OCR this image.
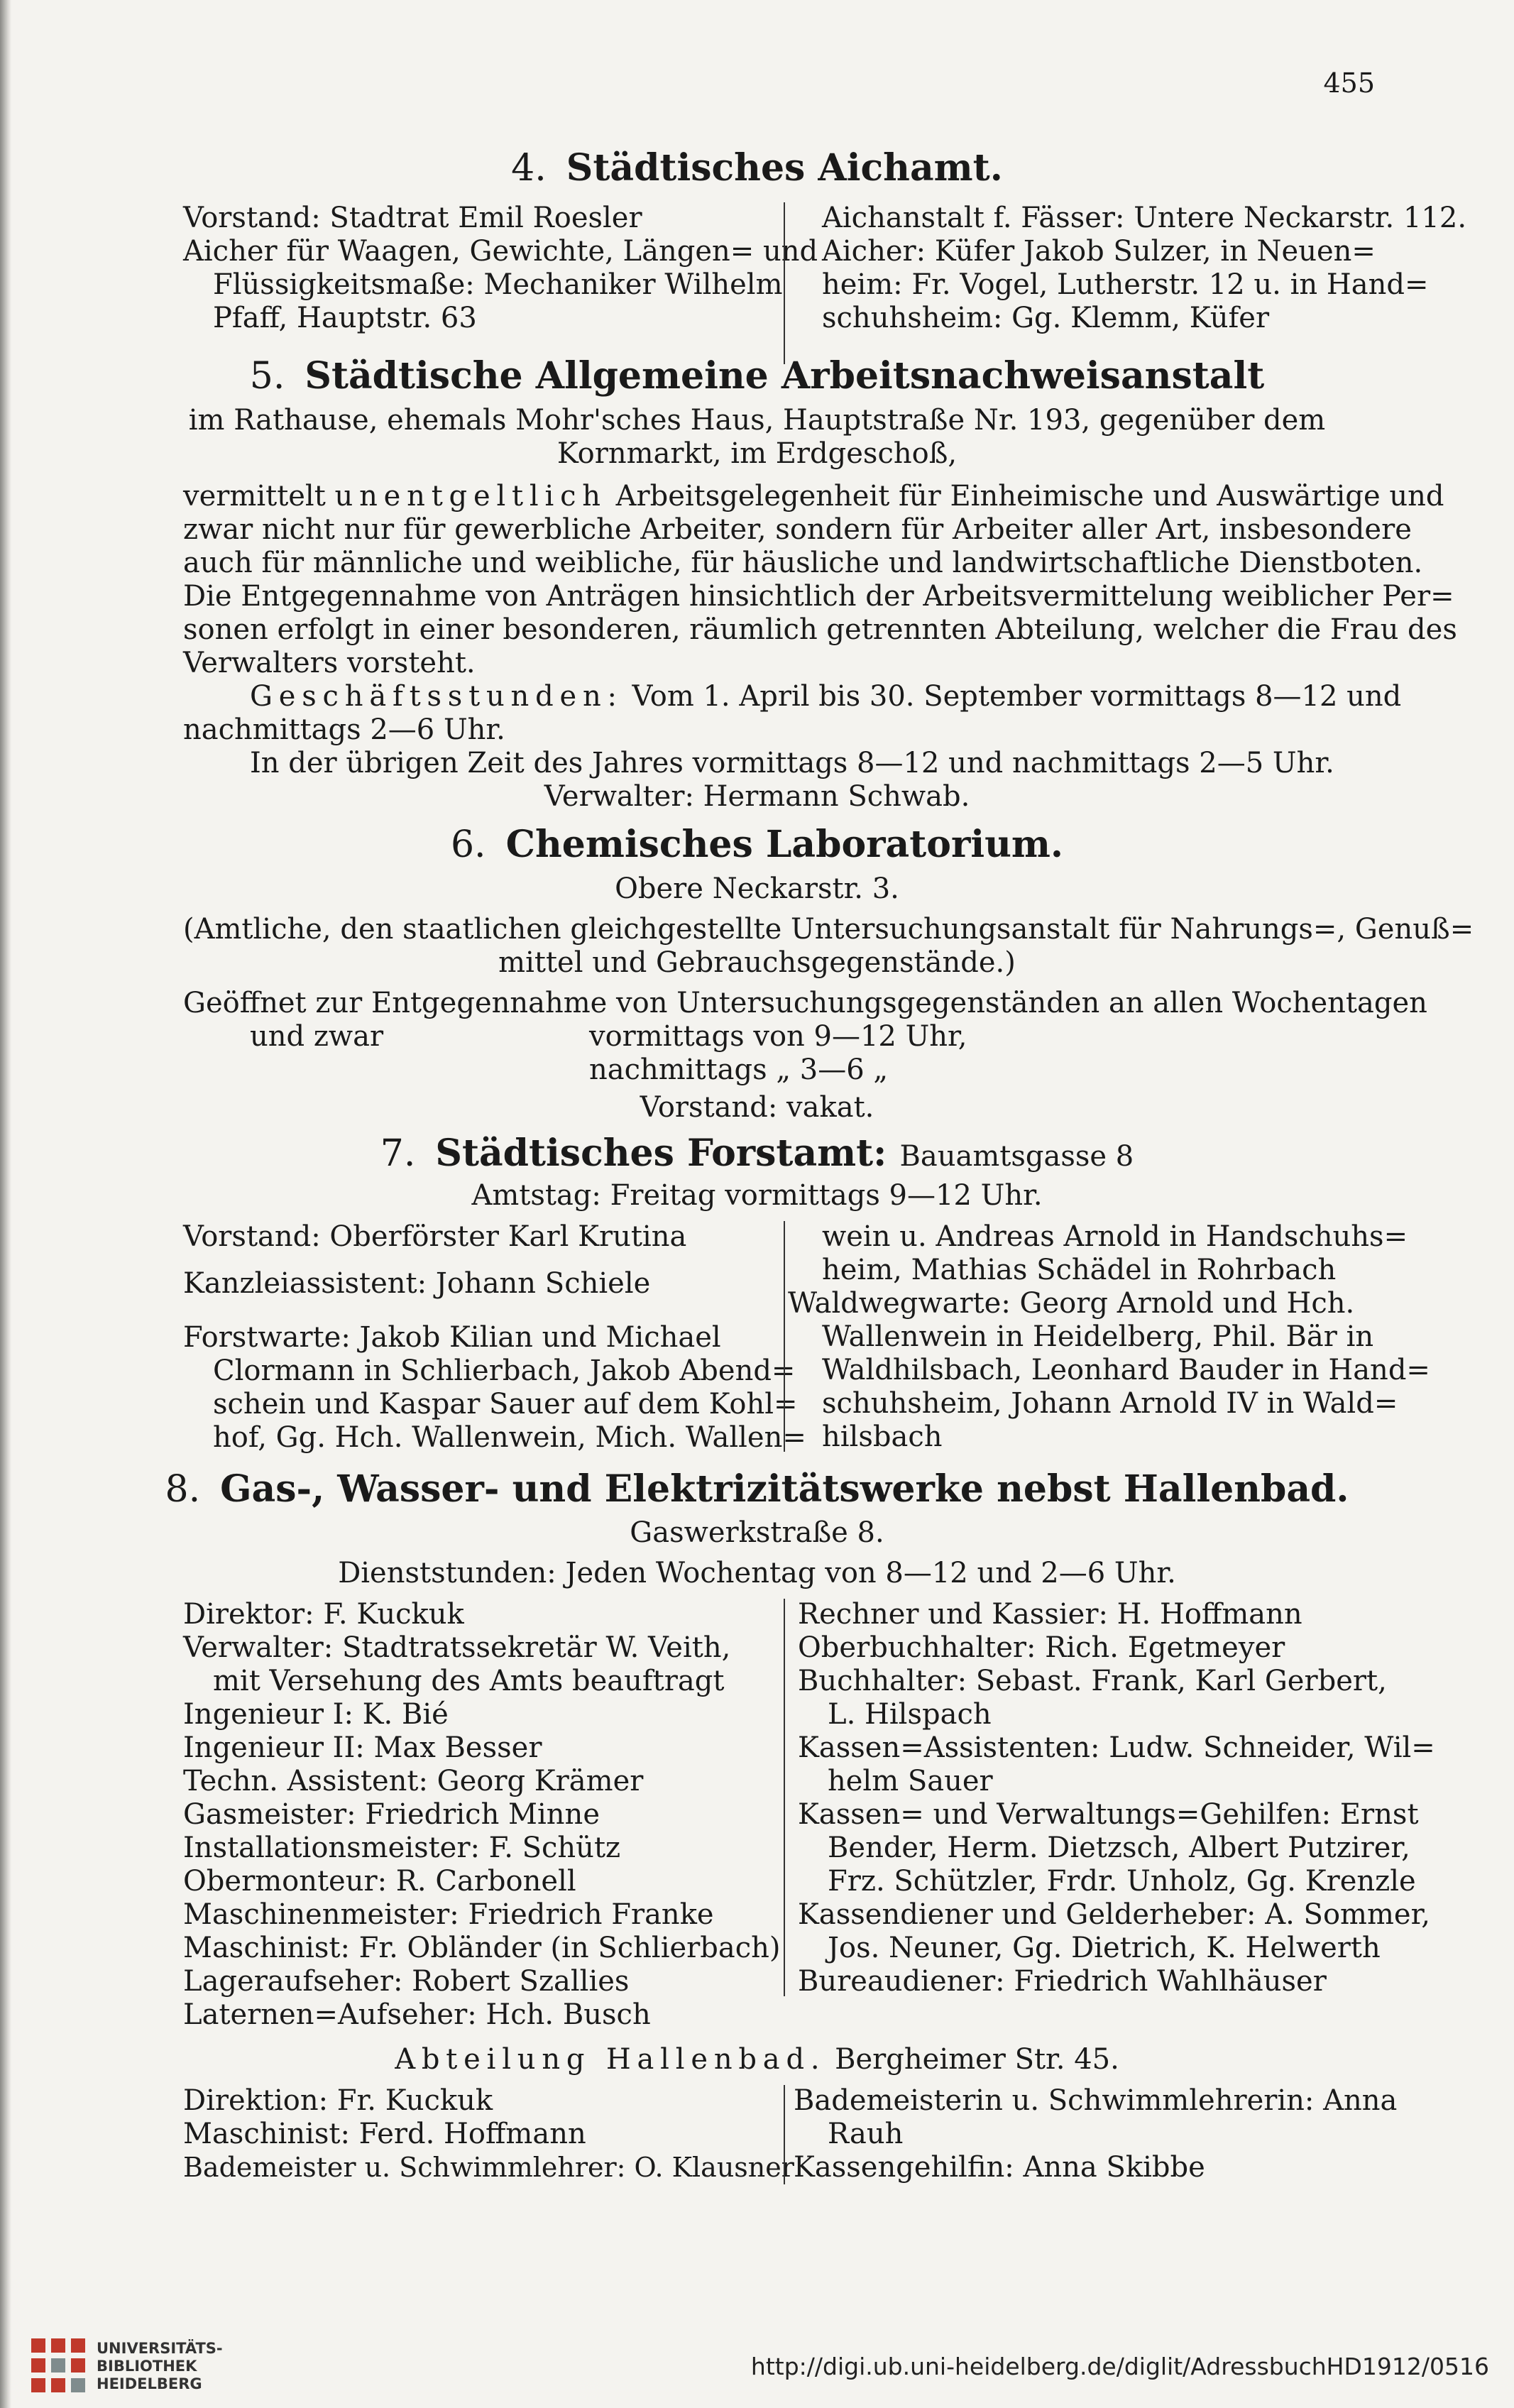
455
4. Städtisches Aichamt.
Vorstand: Stadtrat Emil Roesler
Aicher für Waagen, Gewichte, Längen= und
Flüssigkeitsmaße: Mechaniker Wilhelm
Pfaff, Hauptstr. 63
Aichanstalt f. Fässer: Untere Neckarstr. 112.
Aicher: Küfer Jakob Sulzer, in Neuen=
heim: Fr. Vogel, Lutherstr. 12 u. in Hand=
schuhsheim: Gg. Klemm, Küfer
5. Städtische Allgemeine Arbeitsnachweisanstalt
im Rathause, ehemals Mohr'sches Haus, Hauptstraße Nr. 193, gegenüber dem
Kornmarkt, im Erdgeschoß,
vermittelt unentgeltlich Arbeitsgelegenheit für Einheimische und Auswärtige und
zwar nicht nur für gewerbliche Arbeiter, sondern für Arbeiter aller Art, insbesondere
auch für männliche und weibliche, für häusliche und landwirtschaftliche Dienstboten.
Die Entgegennahme von Anträgen hinsichtlich der Arbeitsvermittelung weiblicher Per=
sonen erfolgt in einer besonderen, räumlich getrennten Abteilung, welcher die Frau des
Verwalters vorsteht.
Geschäftsstunden: Vom 1. April bis 30. September vormittags 8—12 und
nachmittags 2—6 Uhr.
In der übrigen Zeit des Jahres vormittags 8—12 und nachmittags 2—5 Uhr.
Verwalter: Hermann Schwab.
6. Chemisches Laboratorium.
Obere Neckarstr. 3.
(Amtliche, den staatlichen gleichgestellte Untersuchungsanstalt für Nahrungs=, Genuß=
mittel und Gebrauchsgegenstände.)
Geöffnet zur Entgegennahme von Untersuchungsgegenständen an allen Wochentagen
und zwar	vormittags von 9—12 Uhr,
nachmittags „ 3—6 „
Vorstand: vakat.
7. Städtisches Forstamt: Bauamtsgasse 8
Amtstag: Freitag vormittags 9—12 Uhr.
Vorstand: Oberförster Karl Krutina
Kanzleiassistent: Johann Schiele
Forstwarte: Jakob Kilian und Michael
Clormann in Schlierbach, Jakob Abend=
schein und Kaspar Sauer auf dem Kohl=
hof, Gg. Hch. Wallenwein, Mich. Wallen=
wein u. Andreas Arnold in Handschuhs=
heim, Mathias Schädel in Rohrbach
Waldwegwarte: Georg Arnold und Hch.
Wallenwein in Heidelberg, Phil. Bär in
Waldhilsbach, Leonhard Bauder in Hand=
schuhsheim, Johann Arnold IV in Wald=
hilsbach
8. Gas-, Wasser- und Elektrizitätswerke nebst Hallenbad.
Gaswerkstraße 8.
Dienststunden: Jeden Wochentag von 8—12 und 2—6 Uhr.
Direktor: F. Kuckuk
Verwalter: Stadtratssekretär W. Veith,
mit Versehung des Amts beauftragt
Ingenieur I: K. Bié
Ingenieur II: Max Besser
Techn. Assistent: Georg Krämer
Gasmeister: Friedrich Minne
Installationsmeister: F. Schütz
Obermonteur: R. Carbonell
Maschinenmeister: Friedrich Franke
Maschinist: Fr. Obländer (in Schlierbach)
Lageraufseher: Robert Szallies
Laternen=Aufseher: Hch. Busch
Rechner und Kassier: H. Hoffmann
Oberbuchhalter: Rich. Egetmeyer
Buchhalter: Sebast. Frank, Karl Gerbert,
L. Hilspach
Kassen=Assistenten: Ludw. Schneider, Wil=
helm Sauer
Kassen= und Verwaltungs=Gehilfen: Ernst
Bender, Herm. Dietzsch, Albert Putzirer,
Frz. Schützler, Frdr. Unholz, Gg. Krenzle
Kassendiener und Gelderheber: A. Sommer,
Jos. Neuner, Gg. Dietrich, K. Helwerth
Bureaudiener: Friedrich Wahlhäuser
Abteilung Hallenbad. Bergheimer Str. 45.
Direktion: Fr. Kuckuk
Maschinist: Ferd. Hoffmann
Bademeister u. Schwimmlehrer: O. Klausner
Bademeisterin u. Schwimmlehrerin: Anna
Rauh
Kassengehilfin: Anna Skibbe
UNIVERSITÄTS-
BIBLIOTHEK
HEIDELBERG
http://digi.ub.uni-heidelberg.de/diglit/AdressbuchHD1912/0516
